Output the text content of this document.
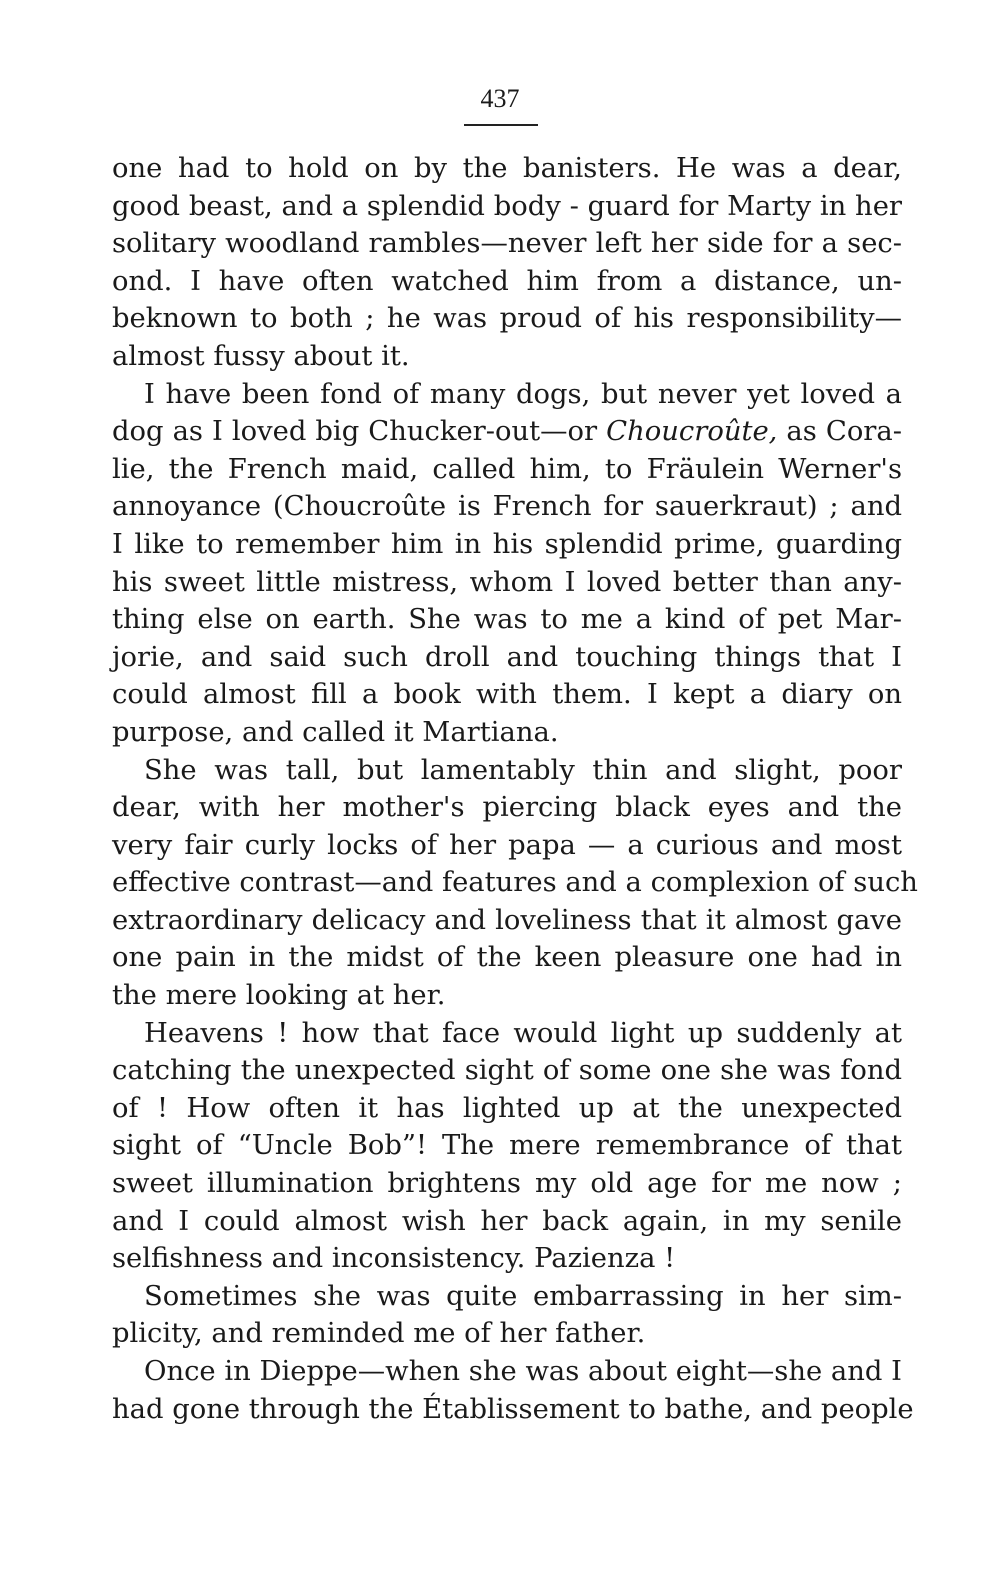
437

one had to hold on by the banisters. He was a dear,
good beast, and a splendid body - guard for Marty in her
solitary woodland rambles—never left her side for a sec-
ond. I have often watched him from a distance, un-
beknown to both ; he was proud of his responsibility—
almost fussy about it.

I have been fond of many dogs, but never yet loved a
dog as I loved big Chucker-out—or Choucroûte, as Cora-
lie, the French maid, called him, to Fräulein Werner's
annoyance (Choucroûte is French for sauerkraut) ; and
I like to remember him in his splendid prime, guarding
his sweet little mistress, whom I loved better than any-
thing else on earth. She was to me a kind of pet Mar-
jorie, and said such droll and touching things that I
could almost fill a book with them. I kept a diary on
purpose, and called it Martiana.

She was tall, but lamentably thin and slight, poor
dear, with her mother's piercing black eyes and the
very fair curly locks of her papa — a curious and most
effective contrast—and features and a complexion of such
extraordinary delicacy and loveliness that it almost gave
one pain in the midst of the keen pleasure one had in
the mere looking at her.

Heavens ! how that face would light up suddenly at
catching the unexpected sight of some one she was fond
of ! How often it has lighted up at the unexpected
sight of “Uncle Bob”! The mere remembrance of that
sweet illumination brightens my old age for me now ;
and I could almost wish her back again, in my senile
selfishness and inconsistency. Pazienza !

Sometimes she was quite embarrassing in her sim-
plicity, and reminded me of her father.

Once in Dieppe—when she was about eight—she and I
had gone through the Établissement to bathe, and people
